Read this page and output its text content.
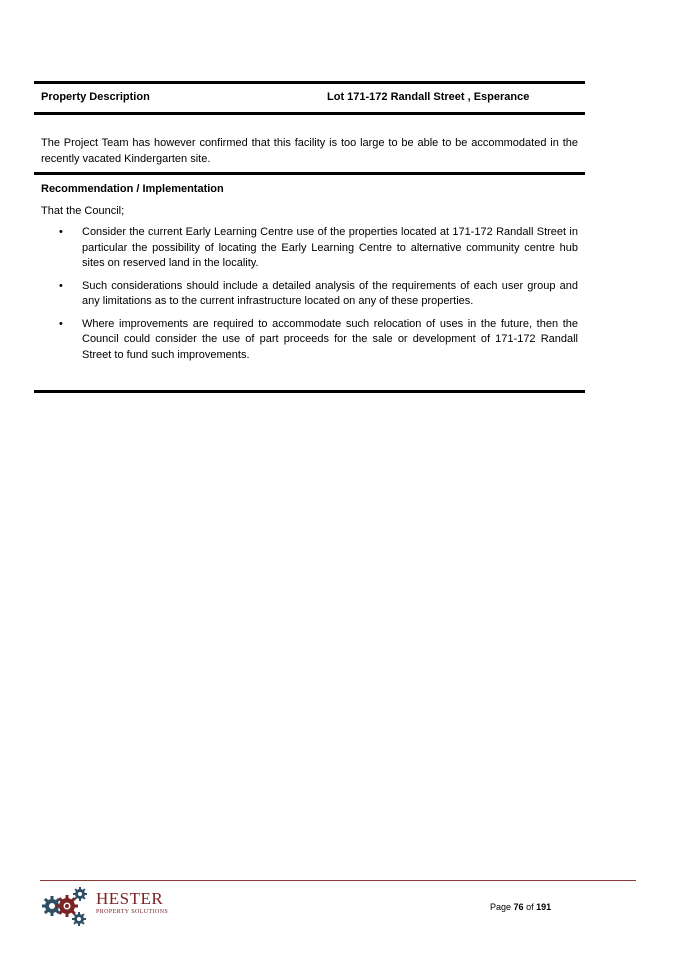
Property Description	Lot 171-172 Randall Street , Esperance
The Project Team has however confirmed that this facility is too large to be able to be accommodated in the recently vacated Kindergarten site.
Recommendation / Implementation
That the Council;
• Consider the current Early Learning Centre use of the properties located at 171-172 Randall Street in particular the possibility of locating the Early Learning Centre to alternative community centre hub sites on reserved land in the locality.
• Such considerations should include a detailed analysis of the requirements of each user group and any limitations as to the current infrastructure located on any of these properties.
• Where improvements are required to accommodate such relocation of uses in the future, then the Council could consider the use of part proceeds for the sale or development of 171-172 Randall Street to fund such improvements.
HESTER
PROPERTY SOLUTIONS	Page 76 of 191
